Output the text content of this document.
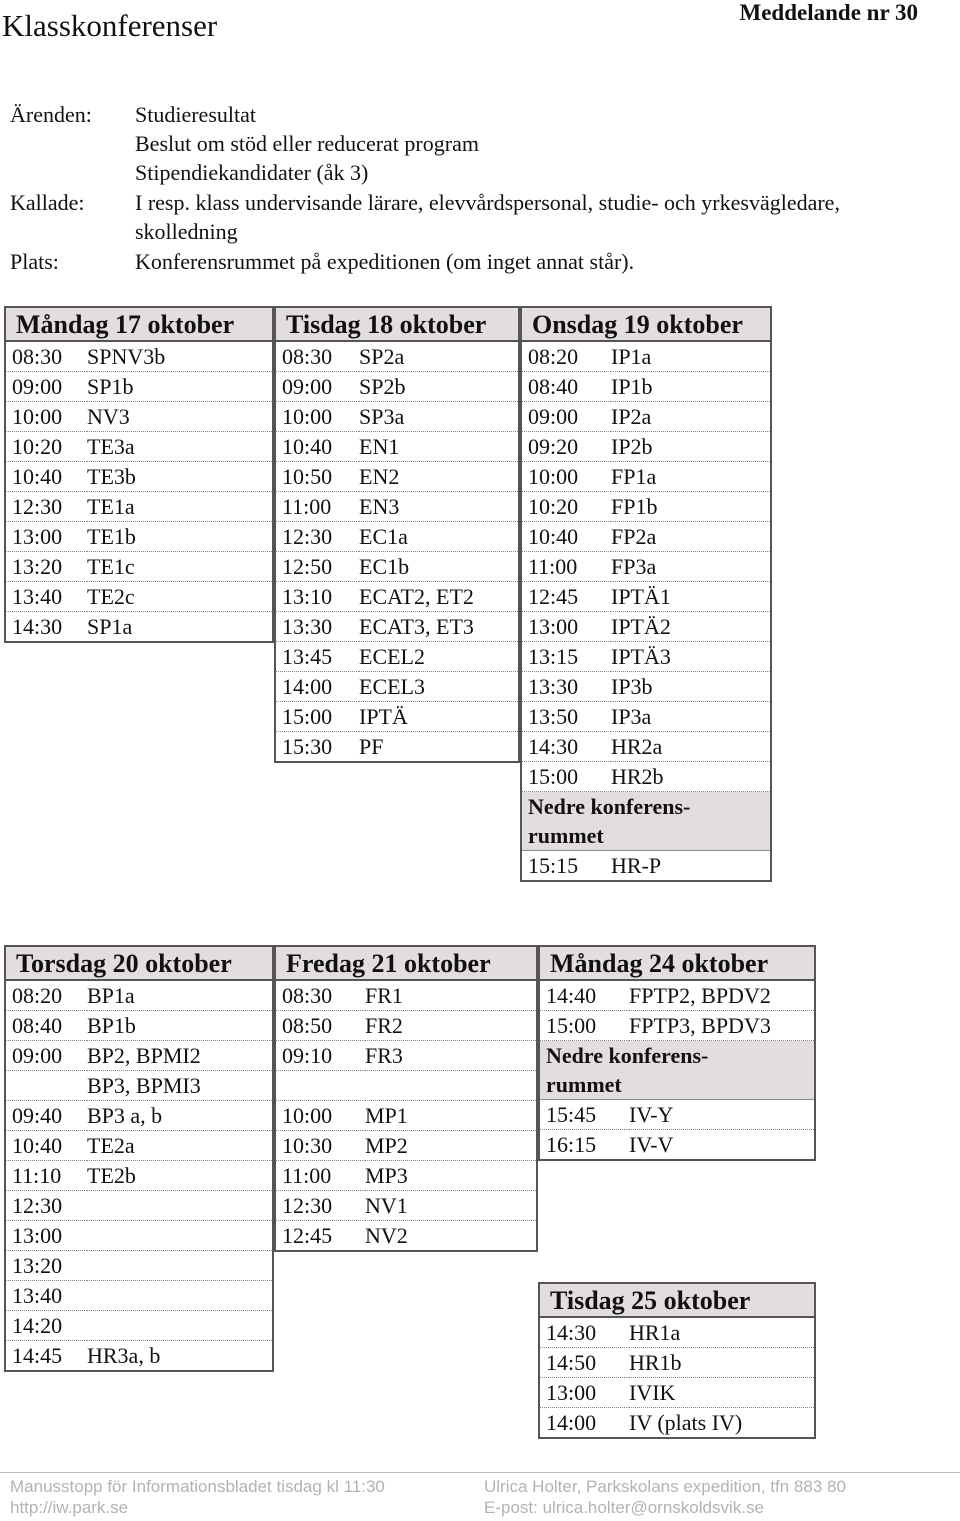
Klasskonferenser	Meddelande nr 30
Ärenden: Studieresultat
Beslut om stöd eller reducerat program
Stipendiekandidater (åk 3)
Kallade: I resp. klass undervisande lärare, elevvårdspersonal, studie- och yrkesvägledare,
skolledning
Plats:	Konferensrummet på expeditionen (om inget annat står).
Måndag 17 oktober	
08:30	SPNV3b
09:00	SP1b
10:00	NV3
10:20	TE3a
10:40	TE3b
12:30	TE1a
13:00	TE1b
13:20	TE1c
13:40	TE2c
14:30	SP1a
Tisdag 18 oktober	
08:30	SP2a
09:00	SP2b
10:00	SP3a
10:40	EN1
10:50	EN2
11:00	EN3
12:30	EC1a
12:50	EC1b
13:10	ECAT2, ET2
13:30	ECAT3, ET3
13:45	ECEL2
14:00	ECEL3
15:00	IPTÄ
15:30	PF
Onsdag 19 oktober	
08:20	IP1a
08:40	IP1b
09:00	IP2a
09:20	IP2b
10:00	FP1a
10:20	FP1b
10:40	FP2a
11:00	FP3a
12:45	IPTÄ1
13:00	IPTÄ2
13:15	IPTÄ3
13:30	IP3b
13:50	IP3a
14:30	HR2a
15:00	HR2b
Nedre konferens-
rummet	
15:15	HR-P
Torsdag 20 oktober	
08:20	BP1a
08:40	BP1b
09:00	BP2, BPMI2
	BP3, BPMI3
09:40	BP3 a, b
10:40	TE2a
11:10	TE2b
12:30	
13:00	
13:20	
13:40	
14:20	
14:45	HR3a, b
Fredag 21 oktober	
08:30	FR1
08:50	FR2
09:10	FR3

10:00	MP1
10:30	MP2
11:00	MP3
12:30	NV1
12:45	NV2
Måndag 24 oktober	
14:40	FPTP2, BPDV2
15:00	FPTP3, BPDV3
Nedre konferens-
rummet	
15:45	IV-Y
16:15	IV-V
Tisdag 25 oktober	
14:30	HR1a
14:50	HR1b
13:00	IVIK
14:00	IV (plats IV)
Manusstopp för Informationsbladet tisdag kl 11:30
http://iw.park.se
Ulrica Holter, Parkskolans expedition, tfn 883 80
E-post: ulrica.holter@ornskoldsvik.se
